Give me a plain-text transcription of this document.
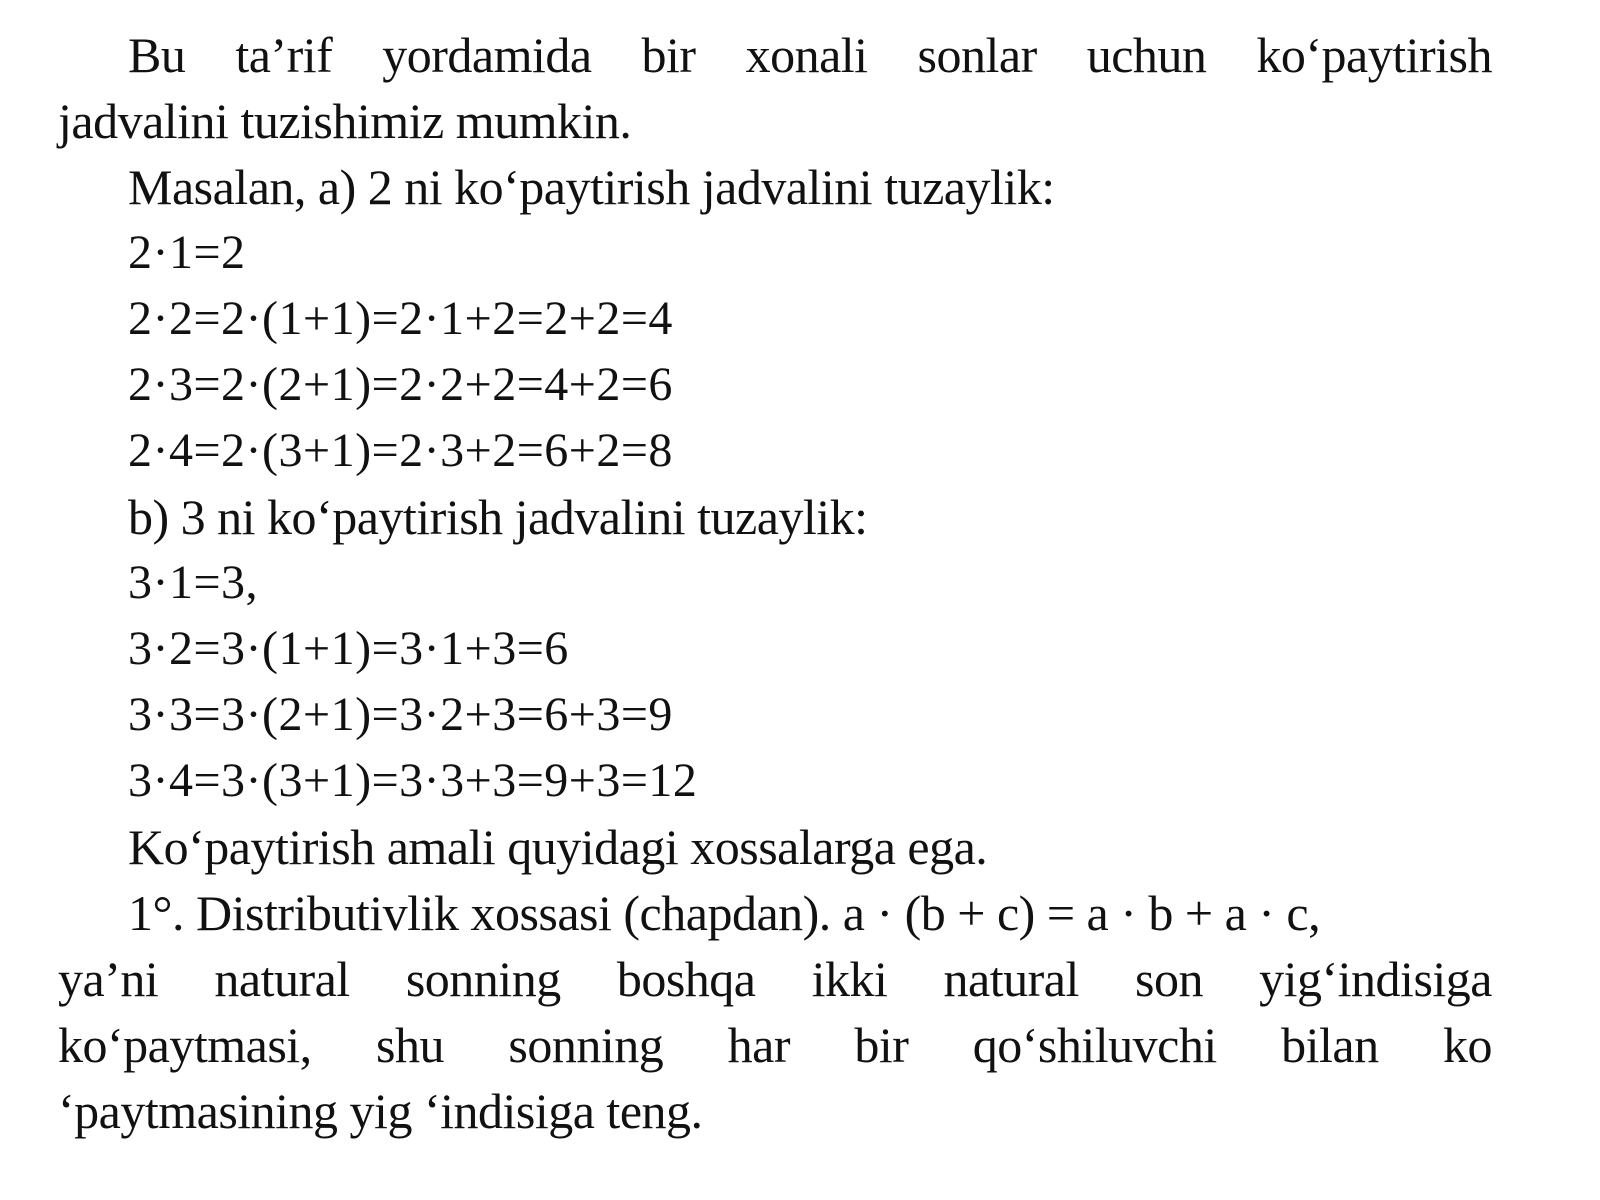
Bu ta’rif yordamida bir xonali sonlar uchun ko‘paytirish
jadvalini tuzishimiz mumkin.
Masalan, a) 2 ni ko‘paytirish jadvalini tuzaylik:
2·1=2
2·2=2·(1+1)=2·1+2=2+2=4
2·3=2·(2+1)=2·2+2=4+2=6
2·4=2·(3+1)=2·3+2=6+2=8
b) 3 ni ko‘paytirish jadvalini tuzaylik:
3·1=3,
3·2=3·(1+1)=3·1+3=6
3·3=3·(2+1)=3·2+3=6+3=9
3·4=3·(3+1)=3·3+3=9+3=12
Ko‘paytirish amali quyidagi xossalarga ega.
1°. Distributivlik xossasi (chapdan). a · (b + c) = a · b + a · c,
ya’ni natural sonning boshqa ikki natural son yig‘indisiga
ko‘paytmasi, shu sonning har bir qo‘shiluvchi bilan ko
‘paytmasining yig ‘indisiga teng.
